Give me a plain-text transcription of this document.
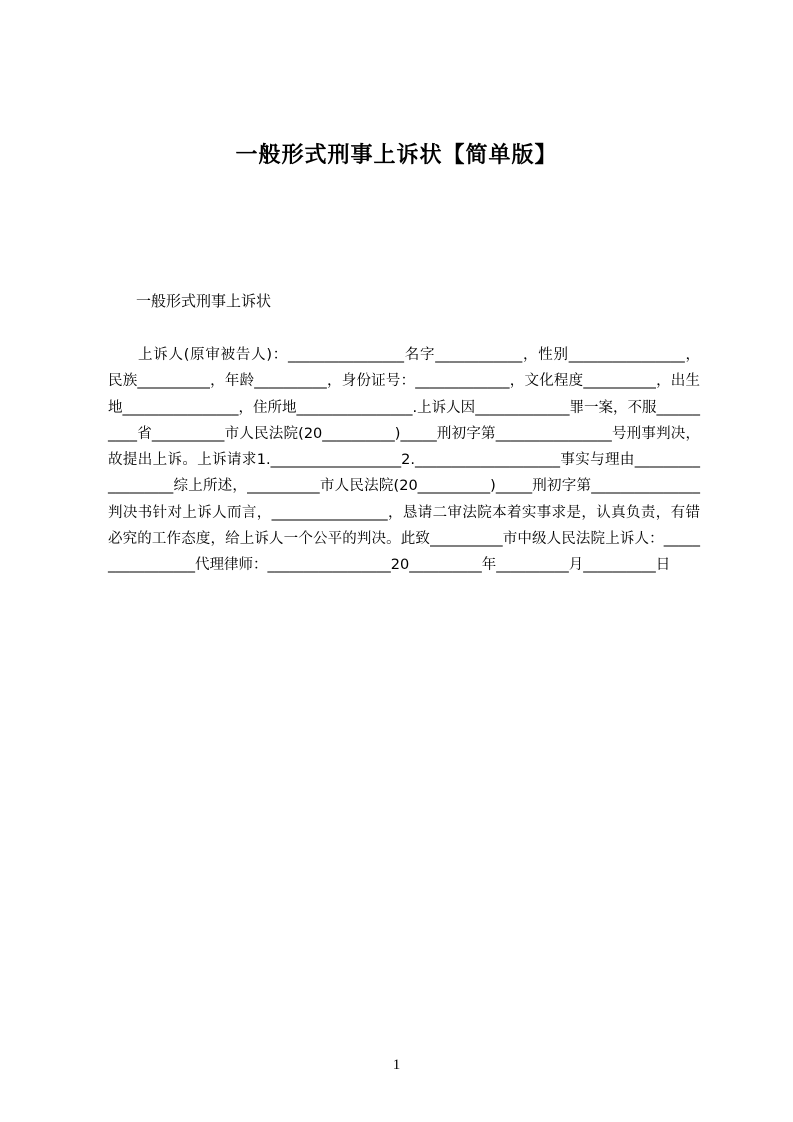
一般形式刑事上诉状【简单版】

一般形式刑事上诉状

上诉人(原审被告人)：________________名字____________，性别________________，民族__________，年龄__________，身份证号：_____________，文化程度__________，出生地________________，住所地________________.上诉人因_____________罪一案，不服__________省__________市人民法院(20__________)_____刑初字第________________号刑事判决，故提出上诉。上诉请求1.__________________2.____________________事实与理由__________________综上所述，__________市人民法院(20__________)_____刑初字第_______________判决书针对上诉人而言，________________，恳请二审法院本着实事求是，认真负责，有错必究的工作态度，给上诉人一个公平的判决。此致__________市中级人民法院上诉人：_________________代理律师：_________________20__________年__________月__________日

1
